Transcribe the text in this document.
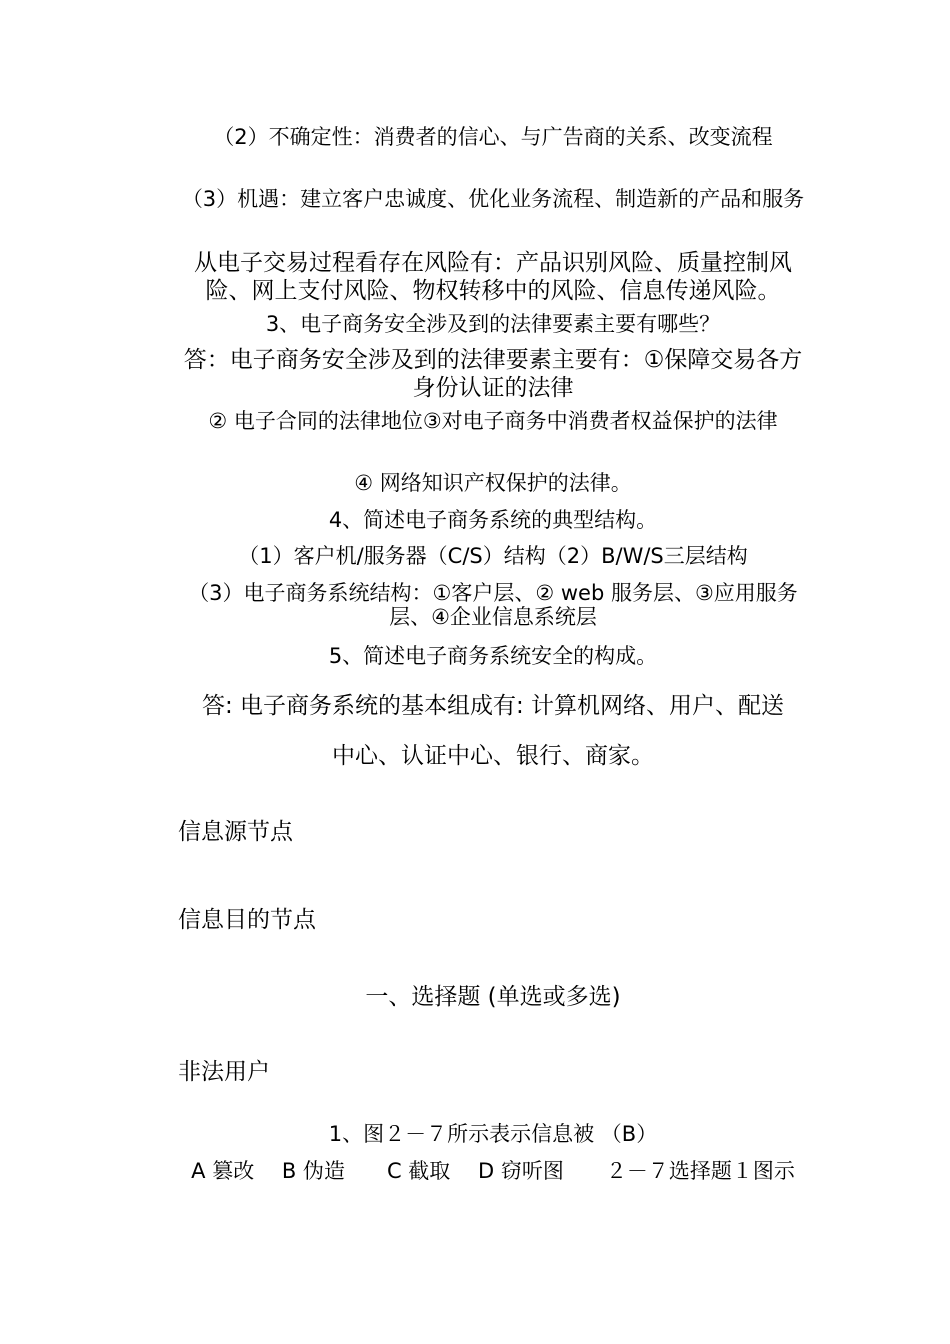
（2）不确定性：消费者的信心、与广告商的关系、改变流程

（3）机遇：建立客户忠诚度、优化业务流程、制造新的产品和服务

从电子交易过程看存在风险有：产品识别风险、质量控制风险、网上支付风险、物权转移中的风险、信息传递风险。

3、电子商务安全涉及到的法律要素主要有哪些？

答：电子商务安全涉及到的法律要素主要有：①保障交易各方身份认证的法律

② 电子合同的法律地位③对电子商务中消费者权益保护的法律

④ 网络知识产权保护的法律。

4、简述电子商务系统的典型结构。

（1）客户机/服务器（C/S）结构（2）B/W/S三层结构

（3）电子商务系统结构：①客户层、② web 服务层、③应用服务层、④企业信息系统层

5、简述电子商务系统安全的构成。

答: 电子商务系统的基本组成有: 计算机网络、用户、配送

中心、认证中心、银行、商家。

信息源节点

信息目的节点

一、选择题 (单选或多选)

非法用户

1、图２－７所示表示信息被 （B）

A 篡改　 B 伪造　　C 截取　 D 窃听图　　２－７选择题１图示
